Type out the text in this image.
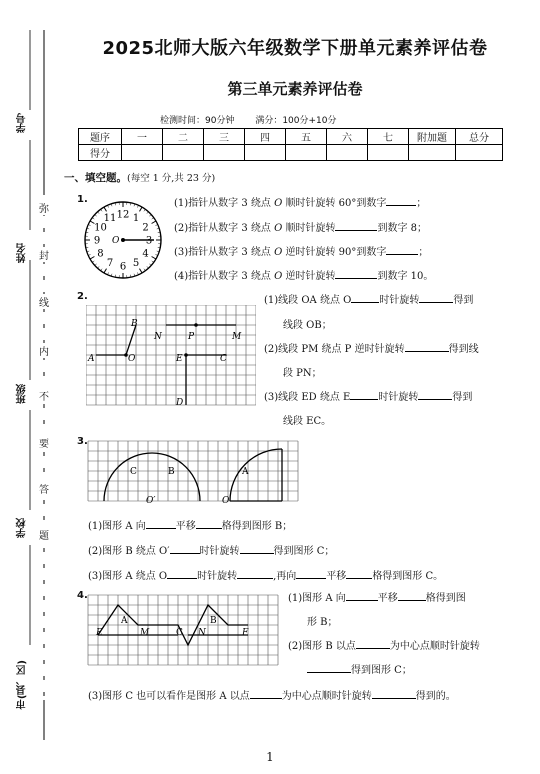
学号
姓名
班级
学校
市(县、区)
弥
封
线
内
不
要
答
题
2025北师大版六年级数学下册单元素养评估卷
第三单元素养评估卷
检测时间：90分钟 满分：100分+10分
题序	一	二	三	四	五	六	七	附加题	总分
得分									
一、填空题。(每空 1 分,共 23 分)
1.
12 1
2
3
4
5
6
7
8
9
10
11
O
(1)指针从数字 3 绕点 O 顺时针旋转 60°到数字	；
(2)指针从数字 3 绕点 O 顺时针旋转	到数字 8；
(3)指针从数字 3 绕点 O 逆时针旋转 90°到数字	；
(4)指针从数字 3 绕点 O 逆时针旋转	到数字 10。
2.
A
B
O
N	P	M
E	C
D
(1)线段 OA 绕点 O	时针旋转	得到
线段 OB；
(2)线段 PM 绕点 P 逆时针旋转	得到线
段 PN；
(3)线段 ED 绕点 E	时针旋转	得到
线段 EC。
3.
C	B	A
O′	O
(1)图形 A 向	平移	格得到图形 B；
(2)图形 B 绕点 O′	时针旋转	得到图形 C；
(3)图形 A 绕点 O	时针旋转	,再向	平移	格得到图形 C。
4.
A	B
C
E	M	N	F
(1)图形 A 向	平移	格得到图
形 B；
(2)图形 B 以点	为中心点顺时针旋转
得到图形 C；
(3)图形 C 也可以看作是图形 A 以点	为中心点顺时针旋转	得到的。
1
